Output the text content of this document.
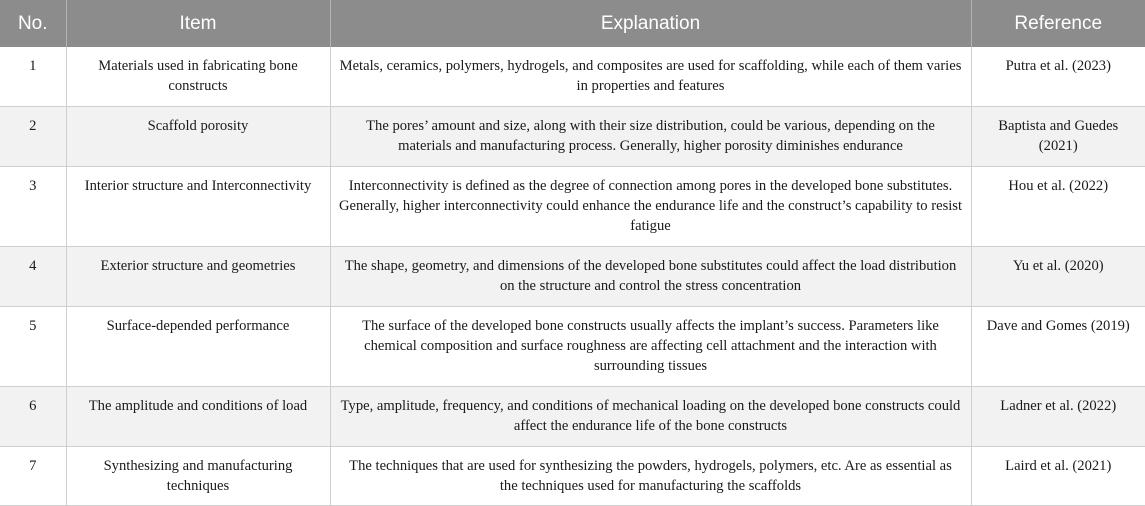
No.	Item	Explanation	Reference
1	Materials used in fabricating bone constructs	Metals, ceramics, polymers, hydrogels, and composites are used for scaffolding, while each of them varies in properties and features	Putra et al. (2023)
2	Scaffold porosity	The pores’ amount and size, along with their size distribution, could be various, depending on the materials and manufacturing process. Generally, higher porosity diminishes endurance	Baptista and Guedes (2021)
3	Interior structure and Interconnectivity	Interconnectivity is defined as the degree of connection among pores in the developed bone substitutes. Generally, higher interconnectivity could enhance the endurance life and the construct’s capability to resist fatigue	Hou et al. (2022)
4	Exterior structure and geometries	The shape, geometry, and dimensions of the developed bone substitutes could affect the load distribution on the structure and control the stress concentration	Yu et al. (2020)
5	Surface-depended performance	The surface of the developed bone constructs usually affects the implant’s success. Parameters like chemical composition and surface roughness are affecting cell attachment and the interaction with surrounding tissues	Dave and Gomes (2019)
6	The amplitude and conditions of load	Type, amplitude, frequency, and conditions of mechanical loading on the developed bone constructs could affect the endurance life of the bone constructs	Ladner et al. (2022)
7	Synthesizing and manufacturing techniques	The techniques that are used for synthesizing the powders, hydrogels, polymers, etc. Are as essential as the techniques used for manufacturing the scaffolds	Laird et al. (2021)
